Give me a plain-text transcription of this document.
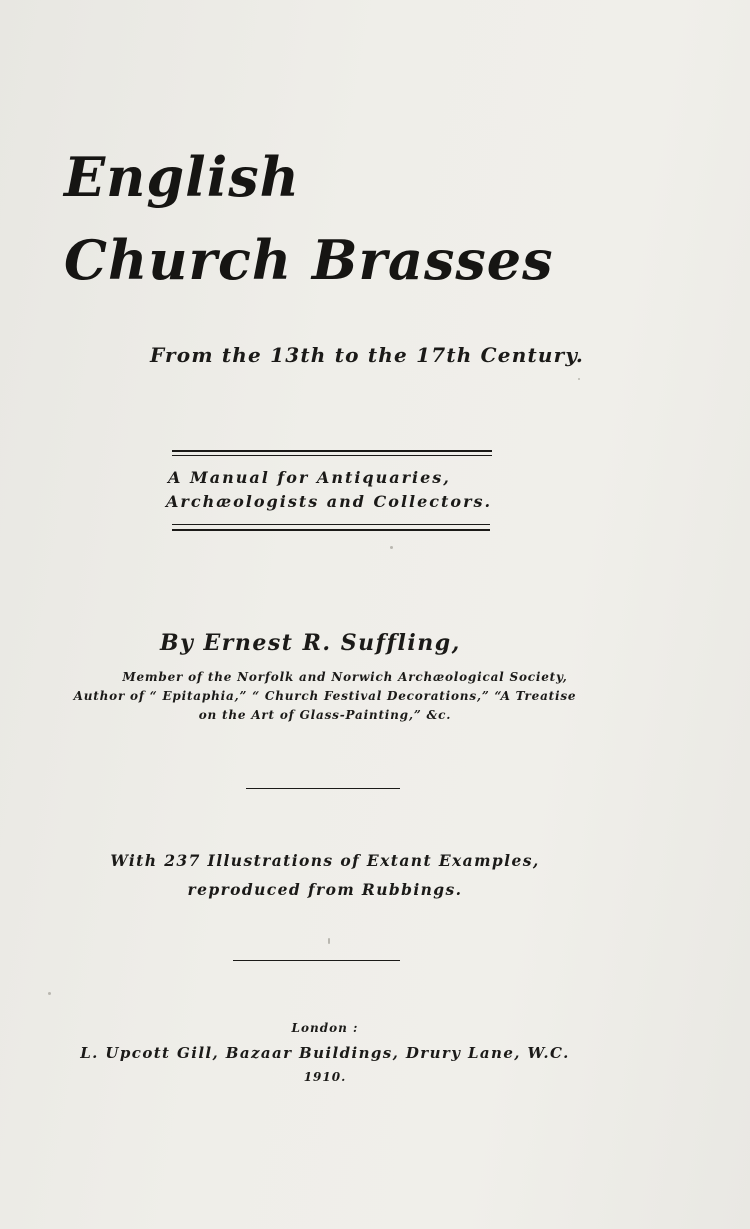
English
Church Brasses
From the 13th to the 17th Century.
A Manual for Antiquaries,
Archæologists and Collectors.
By Ernest R. Suffling,
Member of the Norfolk and Norwich Archæological Society,
Author of “ Epitaphia,” “ Church Festival Decorations,” “A Treatise
on the Art of Glass-Painting,” &c.
With 237 Illustrations of Extant Examples,
reproduced from Rubbings.
London :
L. Upcott Gill, Bazaar Buildings, Drury Lane, W.C.
1910.
